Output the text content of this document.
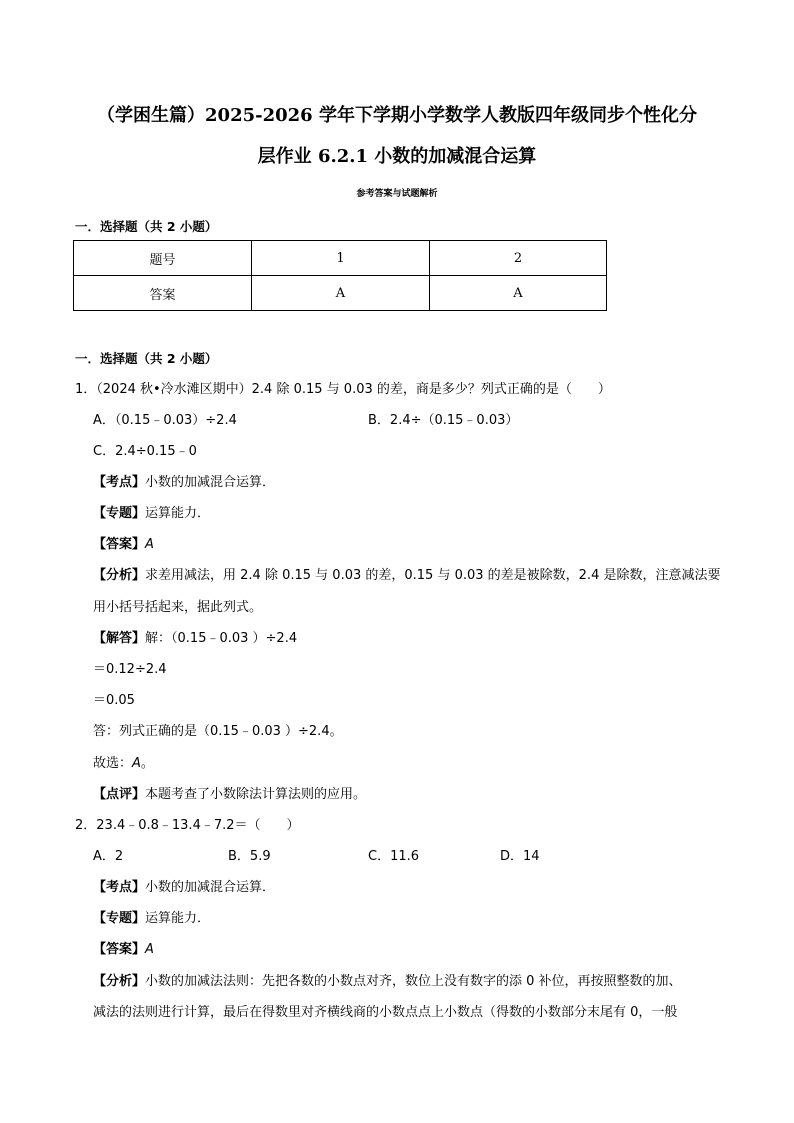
（学困生篇）2025-2026 学年下学期小学数学人教版四年级同步个性化分
层作业 6.2.1 小数的加减混合运算
参考答案与试题解析
一．选择题（共 2 小题）
题号	1	2
答案	A	A
一．选择题（共 2 小题）
1．（2024 秋•冷水滩区期中）2.4 除 0.15 与 0.03 的差，商是多少？列式正确的是（　　）
A．（0.15﹣0.03）÷2.4	B．2.4÷（0.15﹣0.03）
C．2.4÷0.15﹣0
【考点】小数的加减混合运算．
【专题】运算能力．
【答案】A
【分析】求差用减法，用 2.4 除 0.15 与 0.03 的差，0.15 与 0.03 的差是被除数，2.4 是除数，注意减法要
用小括号括起来，据此列式。
【解答】解：（0.15﹣0.03 ）÷2.4
＝0.12÷2.4
＝0.05
答：列式正确的是（0.15﹣0.03 ）÷2.4。
故选：A。
【点评】本题考查了小数除法计算法则的应用。
2．23.4﹣0.8﹣13.4﹣7.2＝（　　）
A．2	B．5.9	C．11.6	D．14
【考点】小数的加减混合运算．
【专题】运算能力．
【答案】A
【分析】小数的加减法法则：先把各数的小数点对齐，数位上没有数字的添 0 补位，再按照整数的加、
减法的法则进行计算，最后在得数里对齐横线商的小数点点上小数点（得数的小数部分末尾有 0，一般
